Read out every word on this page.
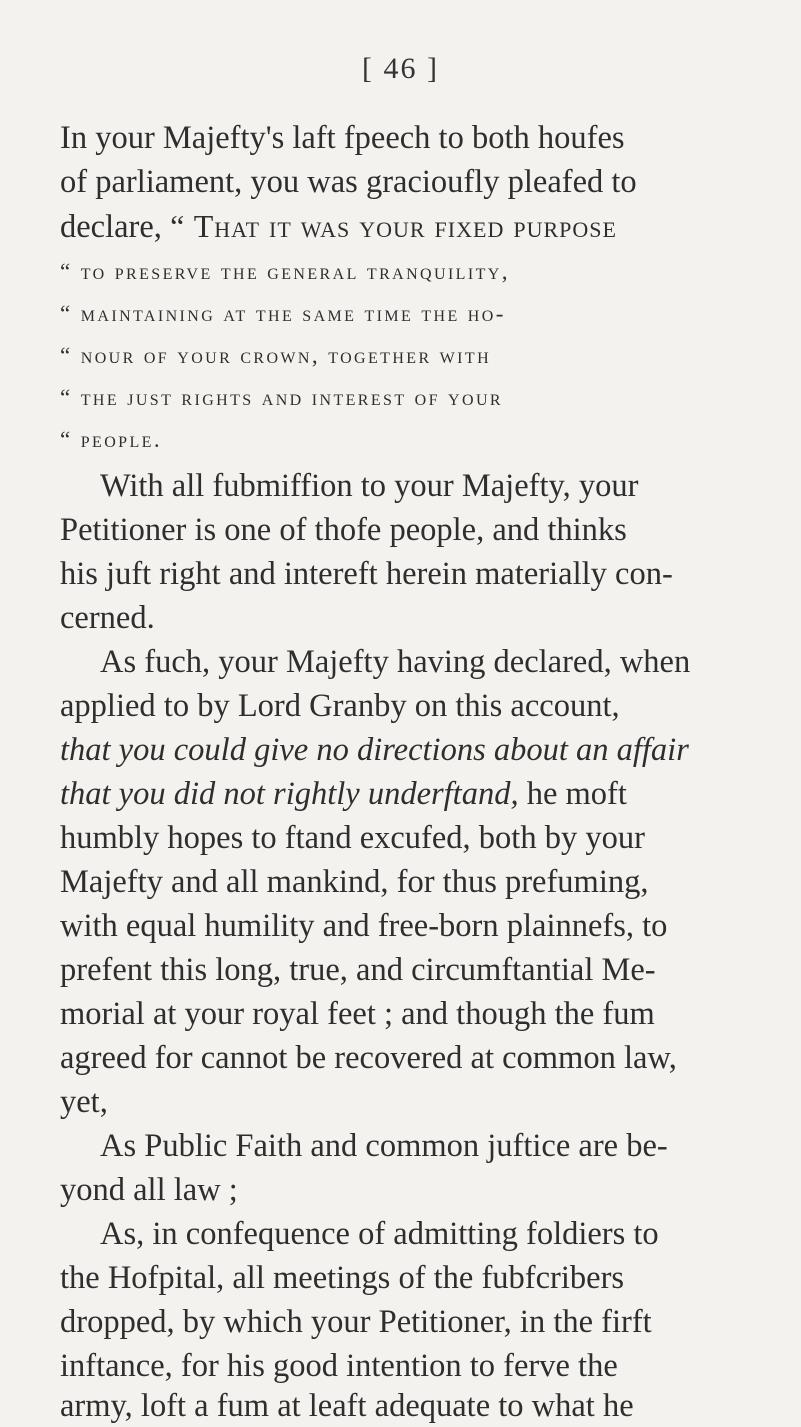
[ 46 ]
In your Majefty's laft fpeech to both houfes
of parliament, you was gracioufly pleafed to
declare, “ That it was your fixed purpose
“ to preserve the general tranquility,
“ maintaining at the same time the ho-
“ nour of your crown, together with
“ the just rights and interest of your
“ people.
With all fubmiffion to your Majefty, your
Petitioner is one of thofe people, and thinks
his juft right and intereft herein materially con-
cerned.
As fuch, your Majefty having declared, when
applied to by Lord Granby on this account,
that you could give no directions about an affair
that you did not rightly underftand, he moft
humbly hopes to ftand excufed, both by your
Majefty and all mankind, for thus prefuming,
with equal humility and free-born plainnefs, to
prefent this long, true, and circumftantial Me-
morial at your royal feet ; and though the fum
agreed for cannot be recovered at common law,
yet,
As Public Faith and common juftice are be-
yond all law ;
As, in confequence of admitting foldiers to
the Hofpital, all meetings of the fubfcribers
dropped, by which your Petitioner, in the firft
inftance, for his good intention to ferve the
army, loft a fum at leaft adequate to what he
